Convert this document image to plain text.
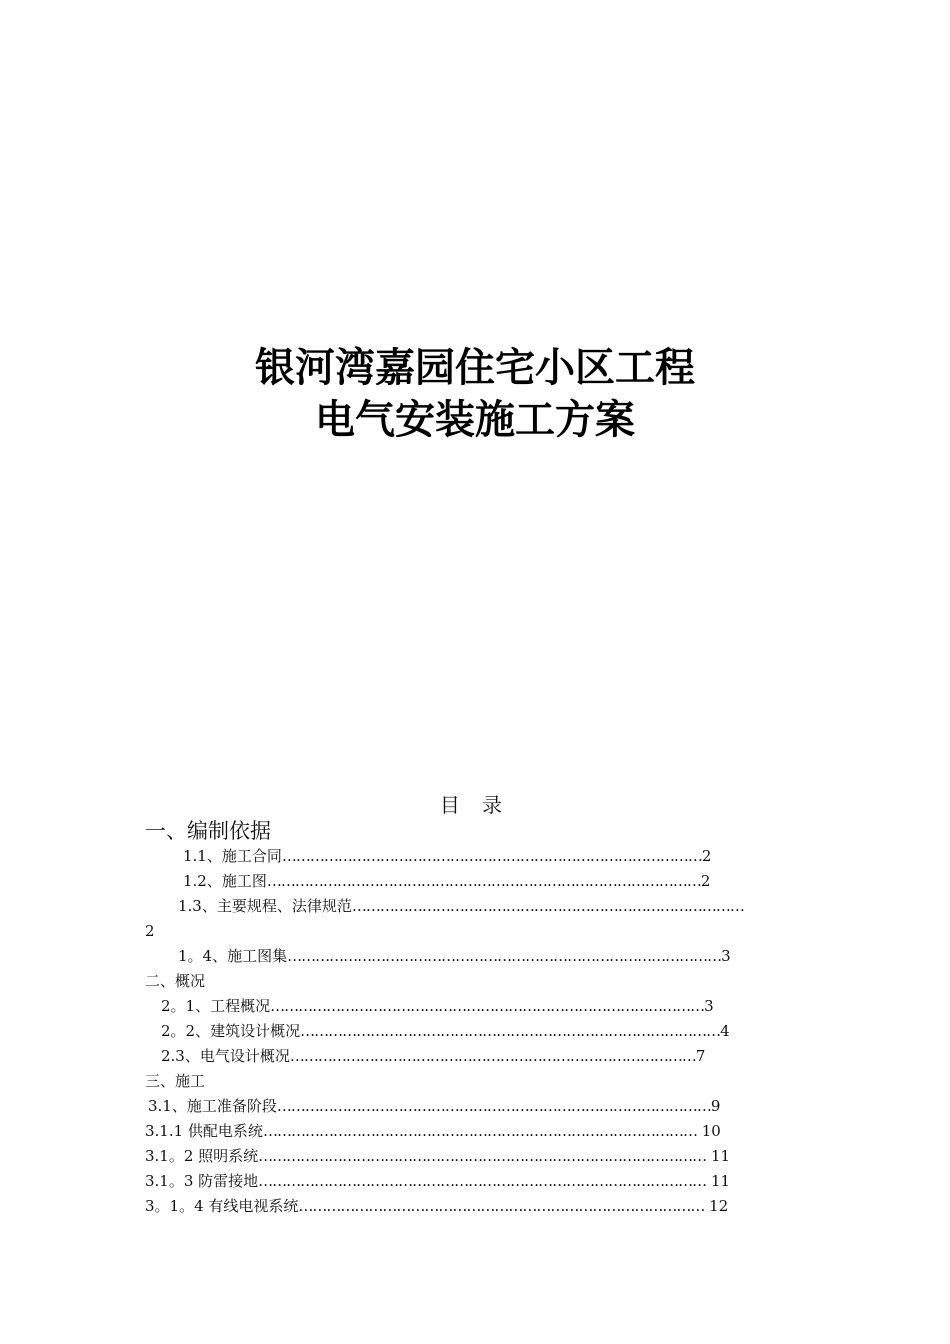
银河湾嘉园住宅小区工程
电气安装施工方案
目 录
一、编制依据
1.1、施工合同………………………………………………………………………………2
1.2、施工图…………………………………………………………………………………2
1.3、主要规程、法律规范…………………………………………………………………………
2
1。4、施工图集…………………………………………………………………………………3
二、概况
2。1、工程概况…………………………………………………………………………………3
2。2、建筑设计概况………………………………………………………………………………4
2.3、电气设计概况……………………………………………………………………………7
三、施工
3.1、施工准备阶段…………………………………………………………………………………9
3.1.1 供配电系统………………………………………………………………………………… 10
3.1。2 照明系统…………………………………………………………………………………… 11
3.1。3 防雷接地…………………………………………………………………………………… 11
3。1。4 有线电视系统…………………………………………………………………………… 12
